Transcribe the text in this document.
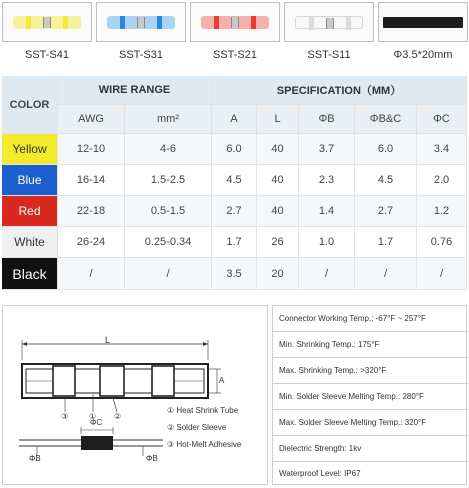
SST-S41	SST-S31	SST-S21	SST-S11	Φ3.5*20mm
COLOR
WIRE RANGE	SPECIFICATION（MM）
AWG	mm²	A	L	ΦB	ΦB&C	ΦC
Yellow	12-10	4-6	6.0	40	3.7	6.0	3.4
Blue	16-14	1.5-2.5	4.5	40	2.3	4.5	2.0
Red	22-18	0.5-1.5	2.7	40	1.4	2.7	1.2
White	26-24	0.25-0.34	1.7	26	1.0	1.7	0.76
Black	/	/	3.5	20	/	/	/
L
A
③	① ②
ΦC
ΦB	ΦB
① Heat Shrink Tube
② Solder Sleeve
③ Hot-Melt Adhesive
Connector Working Temp.: -67°F ~ 257°F
Min. Shrinking Temp.: 175°F
Max. Shrinking Temp.: >320°F
Min. Solder Sleeve Melting Temp.: 280°F
Max. Solder Sleeve Melting Temp.: 320°F
Dielectric Strength: 1kv
Waterproof Level: IP67
